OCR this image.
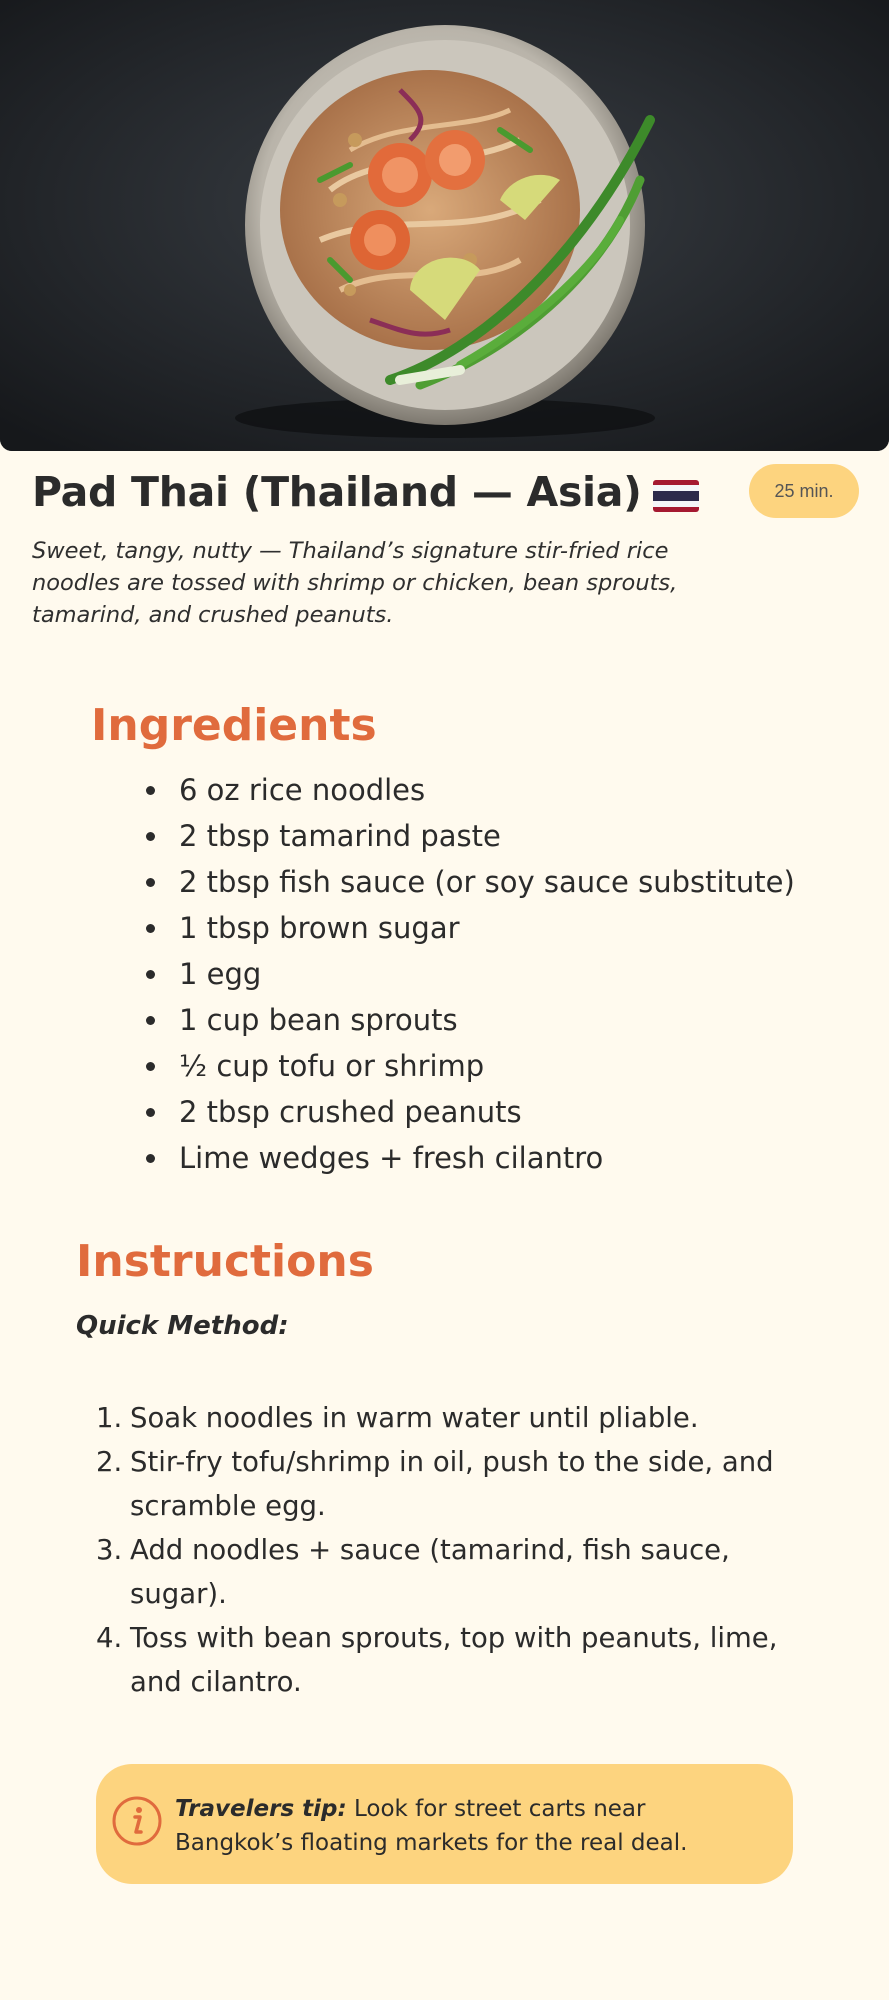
Pad Thai (Thailand — Asia)	25 min.
Sweet, tangy, nutty — Thailand’s signature stir-fried rice noodles are tossed with shrimp or chicken, bean sprouts, tamarind, and crushed peanuts.
Ingredients
6 oz rice noodles
2 tbsp tamarind paste
2 tbsp fish sauce (or soy sauce substitute)
1 tbsp brown sugar
1 egg
1 cup bean sprouts
½ cup tofu or shrimp
2 tbsp crushed peanuts
Lime wedges + fresh cilantro
Instructions
Quick Method:
1. Soak noodles in warm water until pliable.
2. Stir-fry tofu/shrimp in oil, push to the side, and scramble egg.
3. Add noodles + sauce (tamarind, fish sauce, sugar).
4. Toss with bean sprouts, top with peanuts, lime, and cilantro.
Travelers tip: Look for street carts near Bangkok’s floating markets for the real deal.
